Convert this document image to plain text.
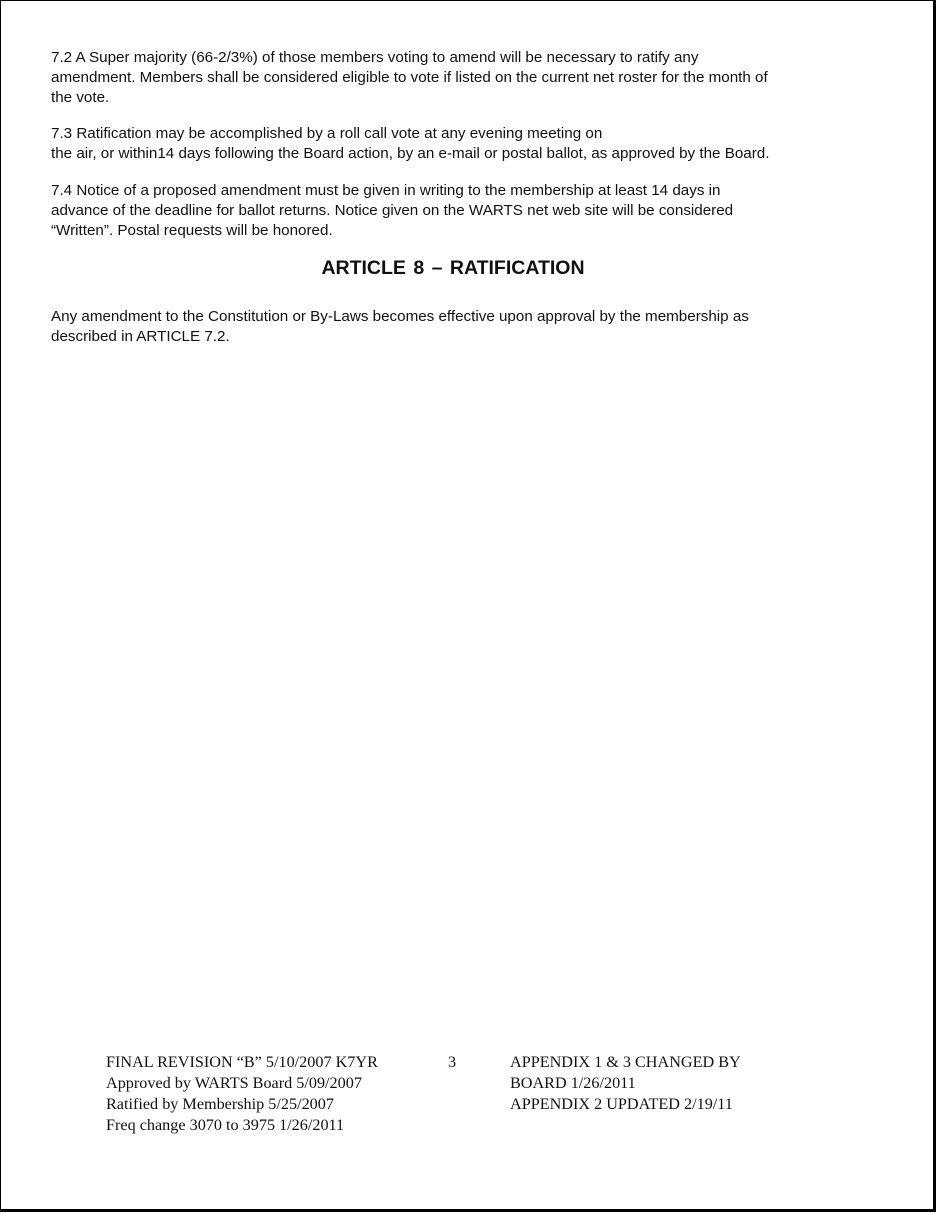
7.2 A Super majority (66-2/3%) of those members voting to amend will be necessary to ratify any
amendment. Members shall be considered eligible to vote if listed on the current net roster for the month of
the vote.

7.3 Ratification may be accomplished by a roll call vote at any evening meeting on
the air, or within14 days following the Board action, by an e-mail or postal ballot, as approved by the Board.

7.4 Notice of a proposed amendment must be given in writing to the membership at least 14 days in
advance of the deadline for ballot returns. Notice given on the WARTS net web site will be considered
“Written”. Postal requests will be honored.

ARTICLE 8 – RATIFICATION

Any amendment to the Constitution or By-Laws becomes effective upon approval by the membership as
described in ARTICLE 7.2.

FINAL REVISION “B” 5/10/2007 K7YR
Approved by WARTS Board 5/09/2007
Ratified by Membership 5/25/2007
Freq change 3070 to 3975 1/26/2011
3	APPENDIX 1 & 3 CHANGED BY
BOARD 1/26/2011
APPENDIX 2 UPDATED 2/19/11
